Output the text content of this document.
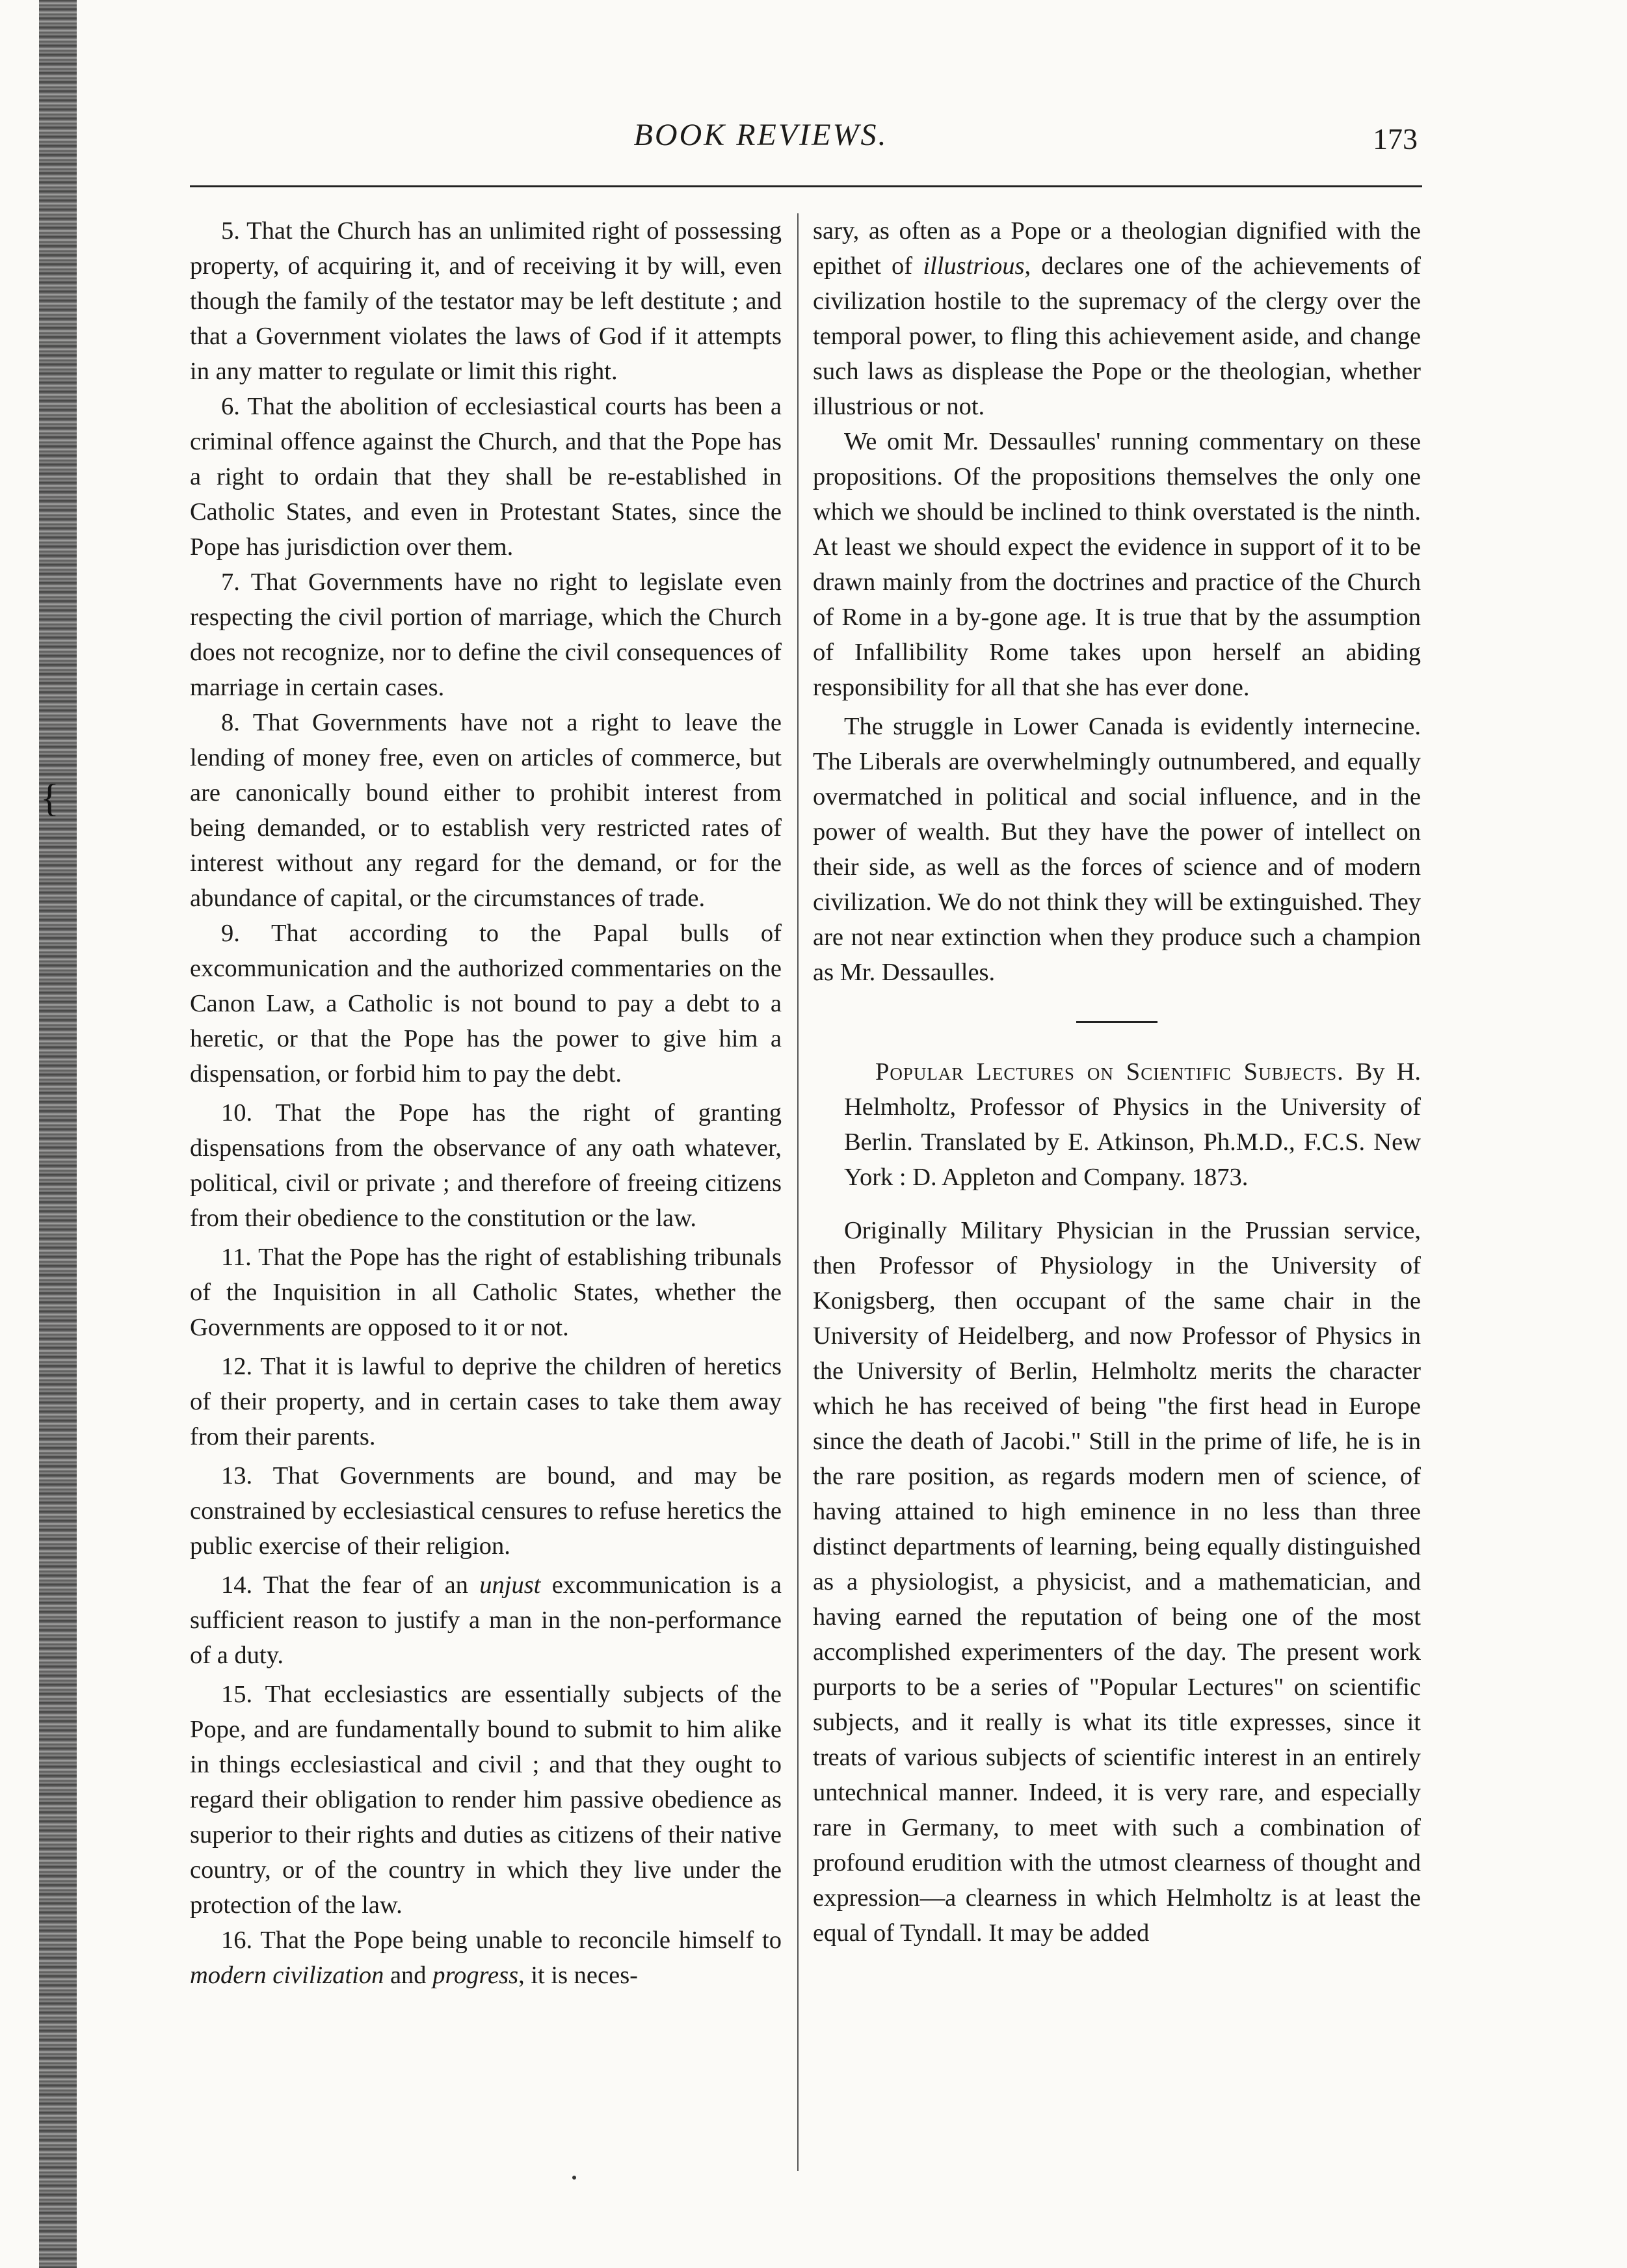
{
BOOK REVIEWS.	173

5. That the Church has an unlimited right of possessing property, of acquiring it, and of receiving it by will, even though the family of the testator may be left destitute ; and that a Government violates the laws of God if it attempts in any matter to regulate or limit this right.

6. That the abolition of ecclesiastical courts has been a criminal offence against the Church, and that the Pope has a right to ordain that they shall be re-established in Catholic States, and even in Protestant States, since the Pope has jurisdiction over them.

7. That Governments have no right to legislate even respecting the civil portion of marriage, which the Church does not recognize, nor to define the civil consequences of marriage in certain cases.

8. That Governments have not a right to leave the lending of money free, even on articles of commerce, but are canonically bound either to prohibit interest from being demanded, or to establish very restricted rates of interest without any regard for the demand, or for the abundance of capital, or the circumstances of trade.

9. That according to the Papal bulls of excommunication and the authorized commentaries on the Canon Law, a Catholic is not bound to pay a debt to a heretic, or that the Pope has the power to give him a dispensation, or forbid him to pay the debt.

10. That the Pope has the right of granting dispensations from the observance of any oath whatever, political, civil or private ; and therefore of freeing citizens from their obedience to the constitution or the law.

11. That the Pope has the right of establishing tribunals of the Inquisition in all Catholic States, whether the Governments are opposed to it or not.

12. That it is lawful to deprive the children of heretics of their property, and in certain cases to take them away from their parents.

13. That Governments are bound, and may be constrained by ecclesiastical censures to refuse heretics the public exercise of their religion.

14. That the fear of an unjust excommunication is a sufficient reason to justify a man in the non-performance of a duty.

15. That ecclesiastics are essentially subjects of the Pope, and are fundamentally bound to submit to him alike in things ecclesiastical and civil ; and that they ought to regard their obligation to render him passive obedience as superior to their rights and duties as citizens of their native country, or of the country in which they live under the protection of the law.

16. That the Pope being unable to reconcile himself to modern civilization and progress, it is neces-

sary, as often as a Pope or a theologian dignified with the epithet of illustrious, declares one of the achievements of civilization hostile to the supremacy of the clergy over the temporal power, to fling this achievement aside, and change such laws as displease the Pope or the theologian, whether illustrious or not.

We omit Mr. Dessaulles' running commentary on these propositions. Of the propositions themselves the only one which we should be inclined to think overstated is the ninth. At least we should expect the evidence in support of it to be drawn mainly from the doctrines and practice of the Church of Rome in a by-gone age. It is true that by the assumption of Infallibility Rome takes upon herself an abiding responsibility for all that she has ever done.

The struggle in Lower Canada is evidently internecine. The Liberals are overwhelmingly outnumbered, and equally overmatched in political and social influence, and in the power of wealth. But they have the power of intellect on their side, as well as the forces of science and of modern civilization. We do not think they will be extinguished. They are not near extinction when they produce such a champion as Mr. Dessaulles.

Popular Lectures on Scientific Subjects. By H. Helmholtz, Professor of Physics in the University of Berlin. Translated by E. Atkinson, Ph.M.D., F.C.S. New York : D. Appleton and Company. 1873.

Originally Military Physician in the Prussian service, then Professor of Physiology in the University of Konigsberg, then occupant of the same chair in the University of Heidelberg, and now Professor of Physics in the University of Berlin, Helmholtz merits the character which he has received of being "the first head in Europe since the death of Jacobi." Still in the prime of life, he is in the rare position, as regards modern men of science, of having attained to high eminence in no less than three distinct departments of learning, being equally distinguished as a physiologist, a physicist, and a mathematician, and having earned the reputation of being one of the most accomplished experimenters of the day. The present work purports to be a series of "Popular Lectures" on scientific subjects, and it really is what its title expresses, since it treats of various subjects of scientific interest in an entirely untechnical manner. Indeed, it is very rare, and especially rare in Germany, to meet with such a combination of profound erudition with the utmost clearness of thought and expression—a clearness in which Helmholtz is at least the equal of Tyndall. It may be added
